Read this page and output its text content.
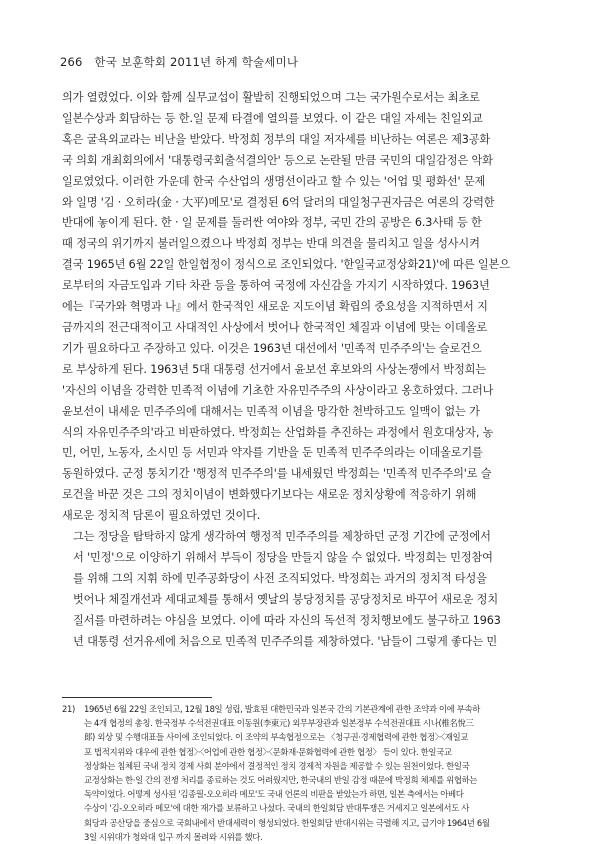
266 한국 보훈학회 2011년 하계 학술세미나

의가 열렸었다. 이와 함께 실무교섭이 활발히 진행되었으며 그는 국가원수로서는 최초로
일본수상과 회담하는 등 한.일 문제 타결에 열의를 보였다. 이 같은 대일 자세는 친일외교
혹은 굴욕외교라는 비난을 받았다. 박정희 정부의 대일 저자세를 비난하는 여론은 제3공화
국 의회 개최회의에서 '대통령국회출석결의안' 등으로 논란될 만큼 국민의 대일감정은 악화
일로였었다. 이러한 가운데 한국 수산업의 생명선이라고 할 수 있는 '어업 및 평화선' 문제
와 일명 '김 · 오히라(金 · 大平)메모'로 결정된 6억 달러의 대일청구권자금은 여론의 강력한
반대에 놓이게 된다. 한 · 일 문제를 둘러싼 여야와 정부, 국민 간의 공방은 6.3사태 등 한
때 정국의 위기까지 불러일으켰으나 박정희 정부는 반대 의견을 물리치고 일을 성사시켜
결국 1965년 6월 22일 한일협정이 정식으로 조인되었다. '한일국교정상화21)'에 따른 일본으
로부터의 자금도입과 기타 차관 등을 통하여 국정에 자신감을 가지기 시작하였다. 1963년
에는『국가와 혁명과 나』에서 한국적인 새로운 지도이념 확립의 중요성을 지적하면서 지
금까지의 전근대적이고 사대적인 사상에서 벗어나 한국적인 체질과 이념에 맞는 이데올로
기가 필요하다고 주장하고 있다. 이것은 1963년 대선에서 '민족적 민주주의'는 슬로건으
로 부상하게 된다. 1963년 5대 대통령 선거에서 윤보선 후보와의 사상논쟁에서 박정희는
'자신의 이념을 강력한 민족적 이념에 기초한 자유민주주의 사상이라고 옹호하였다. 그러나
윤보선이 내세운 민주주의에 대해서는 민족적 이념을 망각한 천박하고도 일맥이 없는 가
식의 자유민주주의'라고 비판하였다. 박정희는 산업화를 추진하는 과정에서 원호대상자, 농
민, 어민, 노동자, 소시민 등 서민과 약자를 기반을 둔 민족적 민주주의라는 이데올로기를
동원하였다. 군정 통치기간 '행정적 민주주의'를 내세웠던 박정희는 '민족적 민주주의'로 슬
로건을 바꾼 것은 그의 정치이념이 변화했다기보다는 새로운 정치상황에 적응하기 위해
새로운 정치적 담론이 필요하였던 것이다.

그는 정당을 탐탁하지 않게 생각하여 행정적 민주주의를 제창하던 군정 기간에 군정에서
서 '민정'으로 이양하기 위해서 부득이 정당을 만들지 않을 수 없었다. 박정희는 민정참여
를 위해 그의 지휘 하에 민주공화당이 사전 조직되었다. 박정희는 과거의 정치적 타성을
벗어나 체질개선과 세대교체를 통해서 옛날의 붕당정치를 공당정치로 바꾸어 새로운 정치
질서를 마련하려는 야심을 보였다. 이에 따라 자신의 독선적 정치행보에도 불구하고 1963
년 대통령 선거유세에 처음으로 민족적 민주주의를 제창하였다. '남들이 그렇게 좋다는 민

21) 1965년 6월 22일 조인되고, 12월 18일 성립, 발효된 대한민국과 일본국 간의 기본관계에 관한 조약과 이에 부속하
는 4개 협정의 총칭. 한국정부 수석전권대표 이동원(李東元) 외무부장관과 일본정부 수석전권대표 시나(椎名悅三
郞) 외상 및 수행대표들 사이에 조인되었다. 이 조약의 부속협정으로는 〈청구권·경제협력에 관한 협정〉·〈재일교
포 법적지위와 대우에 관한 협정〉·〈어업에 관한 협정〉·〈문화재·문화협력에 관한 협정〉 등이 있다. 한일국교
정상화는 침체된 국내 정치 경제 사회 분야에서 결정적인 정치 경제적 자원을 제공할 수 있는 원천이었다. 한일국
교정상화는 한·일 간의 전쟁 처리를 종료하는 것도 어려웠지만, 한국내의 반일 감정 때문에 박정희 체제를 위협하는
독약이었다. 어떻게 성사된 '김종필-오오히라 메모'도 국내 언론의 비판을 받았는가 하면, 일본 측에서는 아베다
수상이 '김-오오히라 메모'에 대한 재가를 보류하고 나섰다. 국내의 한일회담 반대투쟁은 거세지고 일본에서도 사
회당과 공산당을 중심으로 국회내에서 반대세력이 형성되었다. 한일회담 반대시위는 극렬해 지고, 급기야 1964년 6월
3일 시위대가 청와대 입구 까지 몰려와 시위를 했다.
